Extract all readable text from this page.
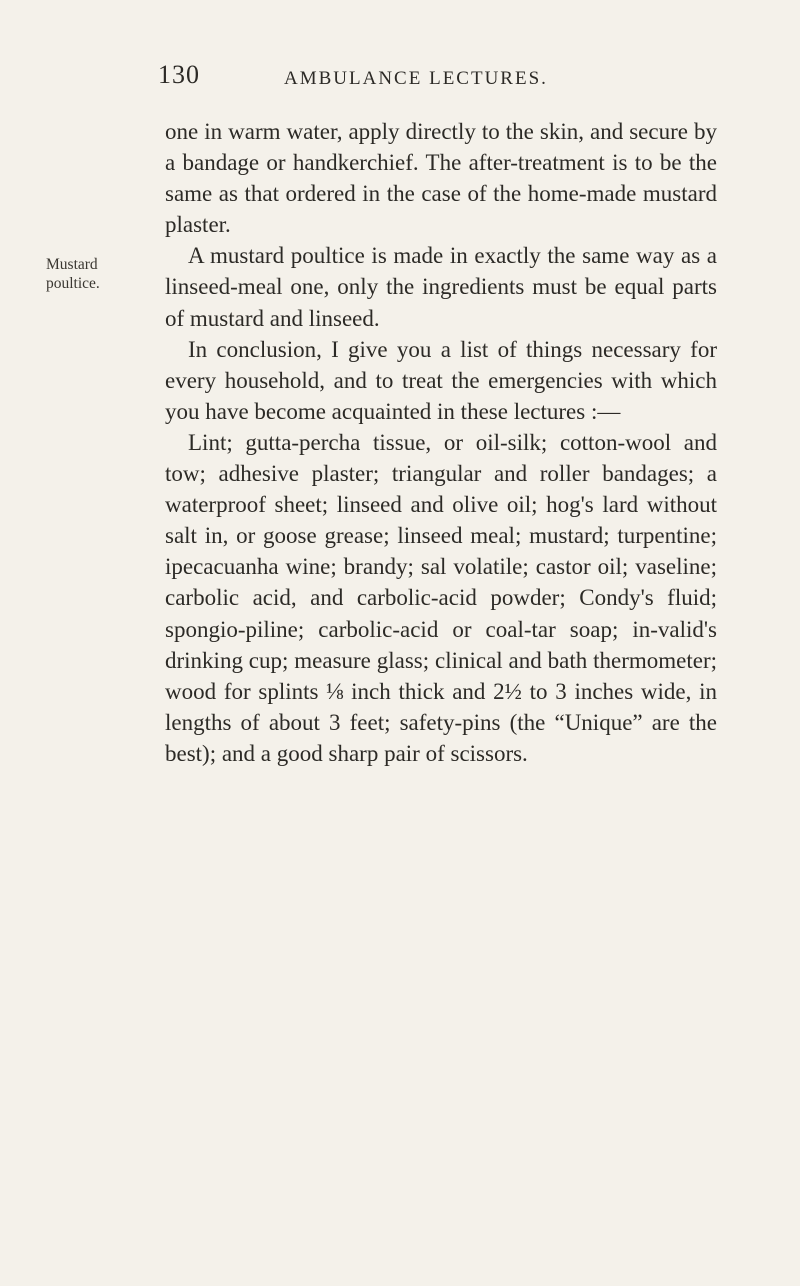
130	AMBULANCE LECTURES.
Mustard
poultice.

one in warm water, apply directly to the skin, and secure by a bandage or handkerchief. The after-treatment is to be the same as that ordered in the case of the home-made mustard plaster.

A mustard poultice is made in exactly the same way as a linseed-meal one, only the ingredients must be equal parts of mustard and linseed.

In conclusion, I give you a list of things necessary for every household, and to treat the emergencies with which you have become acquainted in these lectures :—

Lint; gutta-percha tissue, or oil-silk; cotton-wool and tow; adhesive plaster; triangular and roller bandages; a waterproof sheet; linseed and olive oil; hog's lard without salt in, or goose grease; linseed meal; mustard; turpentine; ipecacuanha wine; brandy; sal volatile; castor oil; vaseline; carbolic acid, and carbolic-acid powder; Condy's fluid; spongio-piline; carbolic-acid or coal-tar soap; in-valid's drinking cup; measure glass; clinical and bath thermometer; wood for splints ⅛ inch thick and 2½ to 3 inches wide, in lengths of about 3 feet; safety-pins (the “Unique” are the best); and a good sharp pair of scissors.
